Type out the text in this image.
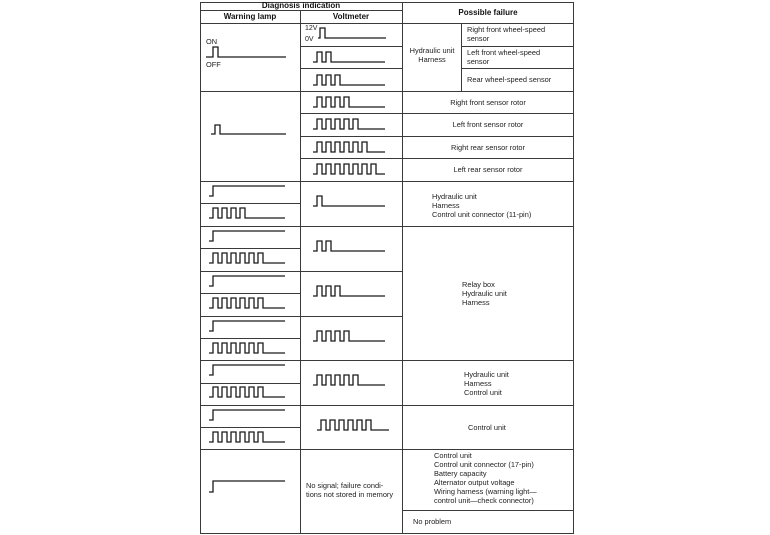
Diagnosis indication
Warning lamp	Voltmeter	Possible failure
ON
OFF
12V
0V
Hydraulic unit
Harness
Right front wheel-speed
sensor
Left front wheel-speed
sensor
Rear wheel-speed sensor
Right front sensor rotor
Left front sensor rotor
Right rear sensor rotor
Left rear sensor rotor
Hydraulic unit
Harness
Control unit connector (11-pin)
Relay box
Hydraulic unit
Harness
Hydraulic unit
Harness
Control unit
Control unit
No signal; failure condi-
tions not stored in memory
Control unit
Control unit connector (17-pin)
Battery capacity
Alternator output voltage
Wiring harness (warning light—
control unit—check connector)
No problem
